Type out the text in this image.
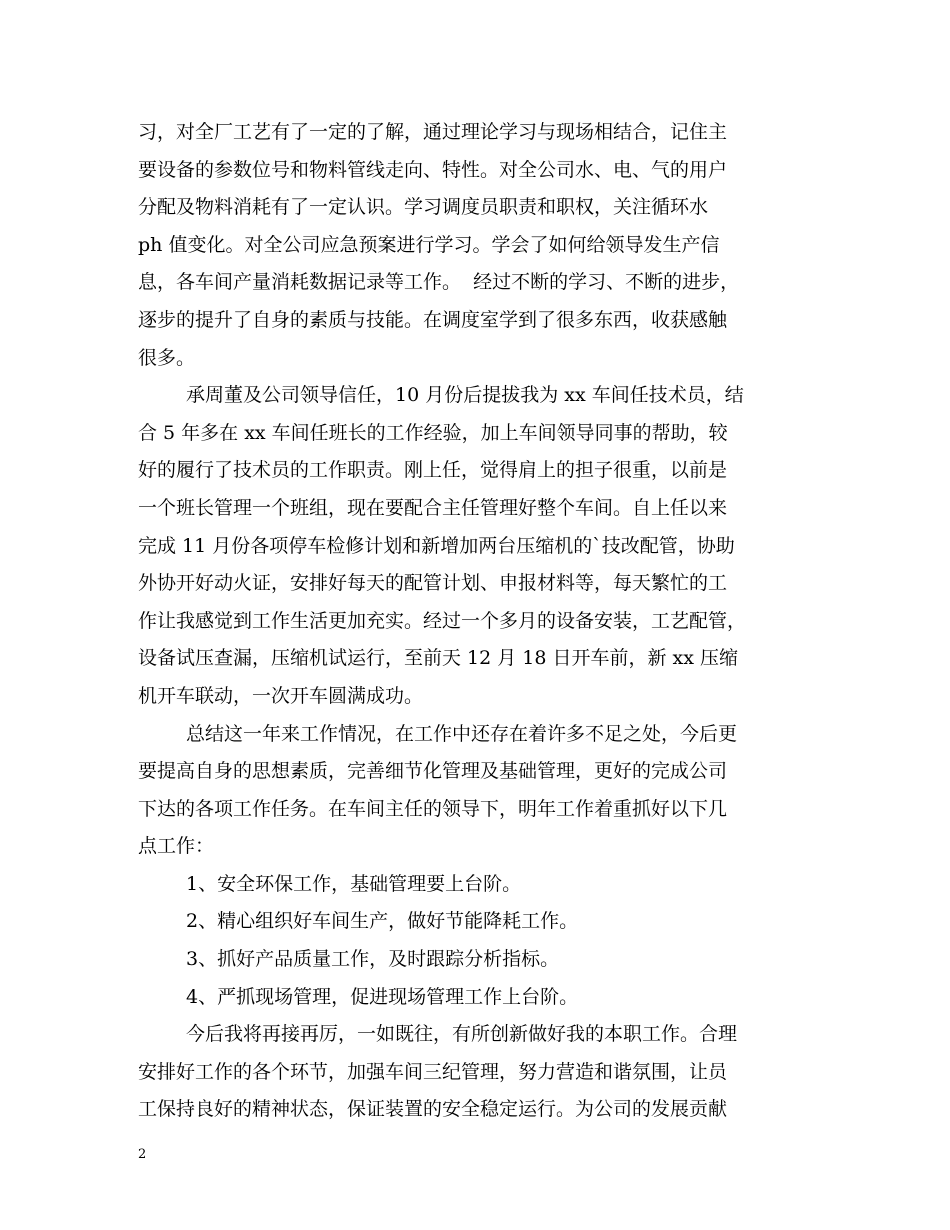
习，对全厂工艺有了一定的了解，通过理论学习与现场相结合，记住主
要设备的参数位号和物料管线走向、特性。对全公司水、电、气的用户
分配及物料消耗有了一定认识。学习调度员职责和职权，关注循环水
ph 值变化。对全公司应急预案进行学习。学会了如何给领导发生产信
息，各车间产量消耗数据记录等工作。  经过不断的学习、不断的进步，
逐步的提升了自身的素质与技能。在调度室学到了很多东西，收获感触
很多。
承周董及公司领导信任，10 月份后提拔我为 xx 车间任技术员，结
合 5 年多在 xx 车间任班长的工作经验，加上车间领导同事的帮助，较
好的履行了技术员的工作职责。刚上任，觉得肩上的担子很重，以前是
一个班长管理一个班组，现在要配合主任管理好整个车间。自上任以来
完成 11 月份各项停车检修计划和新增加两台压缩机的`技改配管，协助
外协开好动火证，安排好每天的配管计划、申报材料等，每天繁忙的工
作让我感觉到工作生活更加充实。经过一个多月的设备安装，工艺配管，
设备试压查漏，压缩机试运行，至前天 12 月 18 日开车前，新 xx 压缩
机开车联动，一次开车圆满成功。
总结这一年来工作情况，在工作中还存在着许多不足之处，今后更
要提高自身的思想素质，完善细节化管理及基础管理，更好的完成公司
下达的各项工作任务。在车间主任的领导下，明年工作着重抓好以下几
点工作：
1、安全环保工作，基础管理要上台阶。
2、精心组织好车间生产，做好节能降耗工作。
3、抓好产品质量工作，及时跟踪分析指标。
4、严抓现场管理，促进现场管理工作上台阶。
今后我将再接再厉，一如既往，有所创新做好我的本职工作。合理
安排好工作的各个环节，加强车间三纪管理，努力营造和谐氛围，让员
工保持良好的精神状态，保证装置的安全稳定运行。为公司的发展贡献
2
